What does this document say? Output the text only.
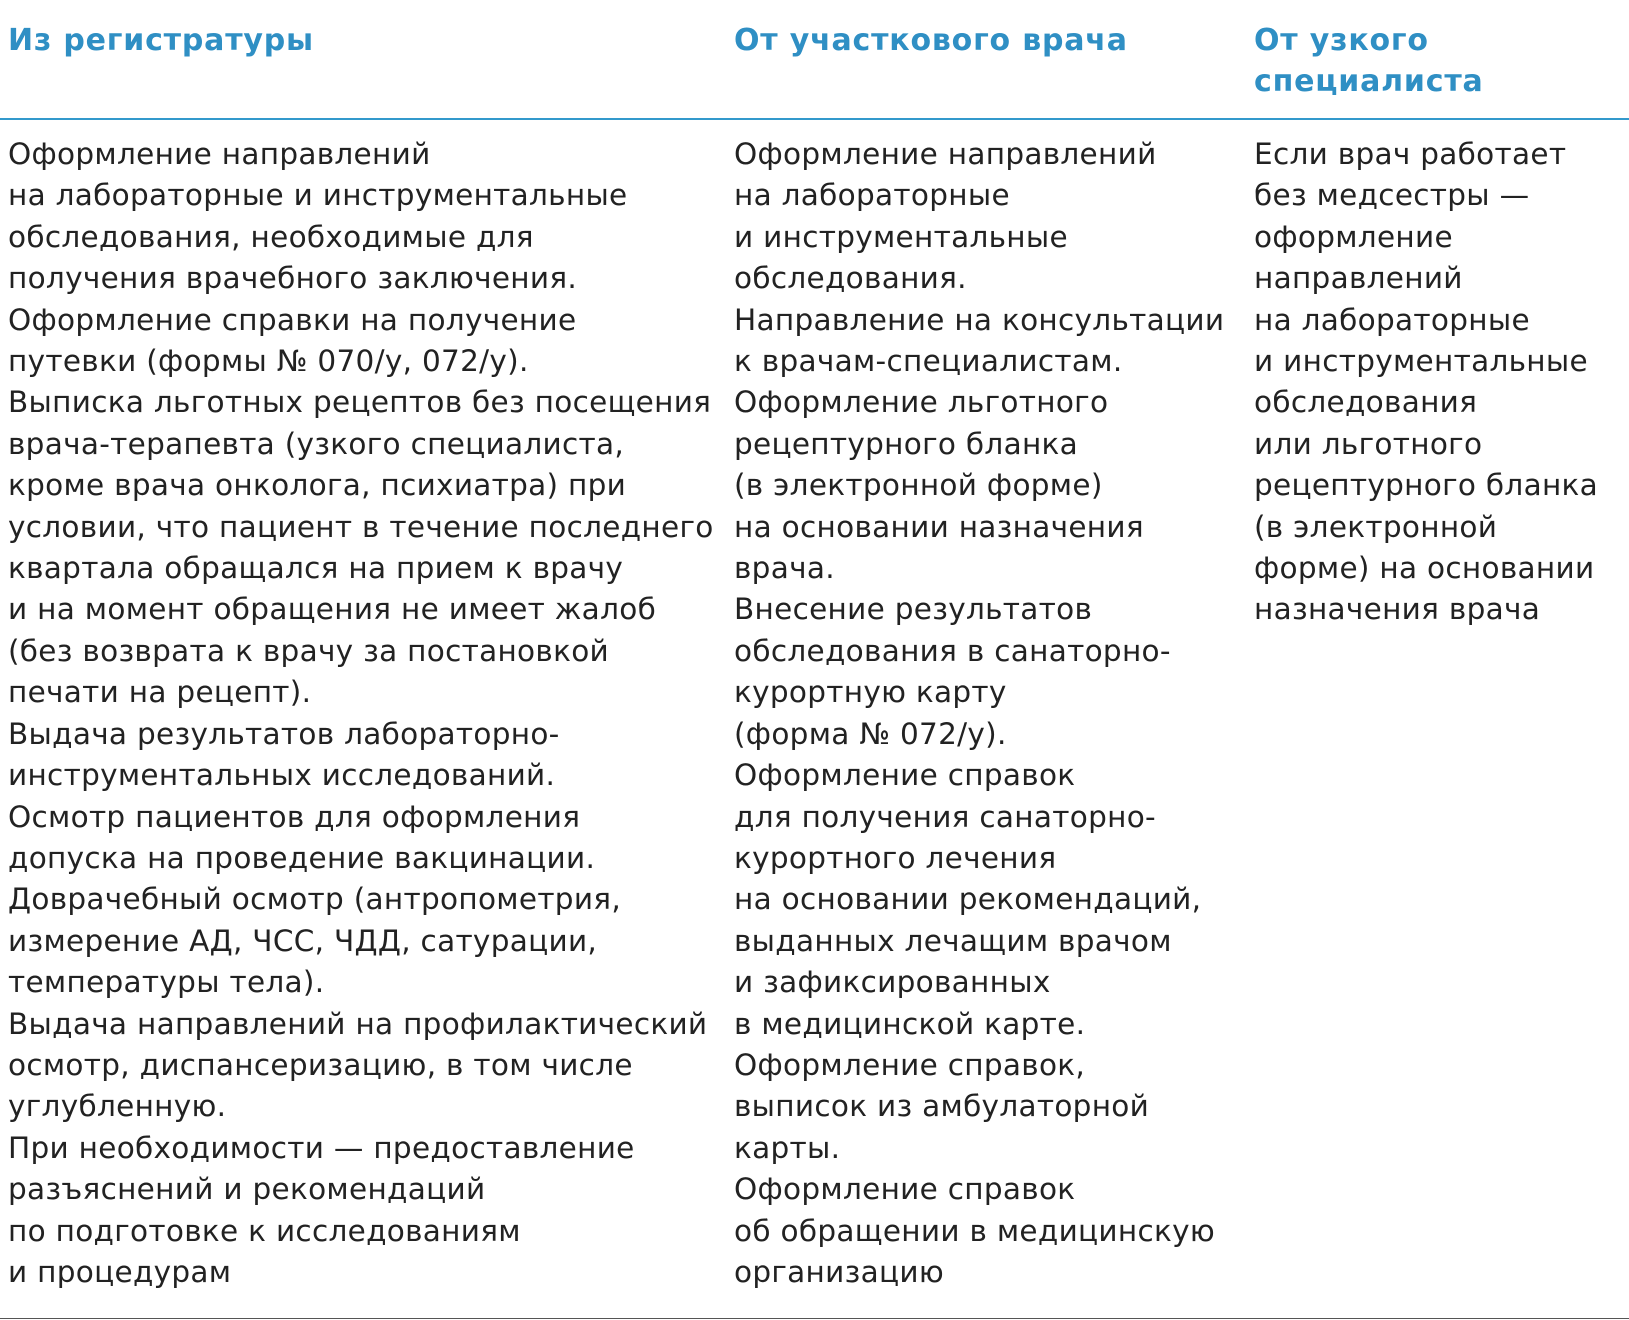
Из регистратуры	От участкового врача	От узкого
специалиста
Оформление направлений
на лабораторные и инструментальные
обследования, необходимые для
получения врачебного заключения.
Оформление справки на получение
путевки (формы № 070/у, 072/у).
Выписка льготных рецептов без посещения
врача-терапевта (узкого специалиста,
кроме врача онколога, психиатра) при
условии, что пациент в течение последнего
квартала обращался на прием к врачу
и на момент обращения не имеет жалоб
(без возврата к врачу за постановкой
печати на рецепт).
Выдача результатов лабораторно-
инструментальных исследований.
Осмотр пациентов для оформления
допуска на проведение вакцинации.
Доврачебный осмотр (антропометрия,
измерение АД, ЧСС, ЧДД, сатурации,
температуры тела).
Выдача направлений на профилактический
осмотр, диспансеризацию, в том числе
углубленную.
При необходимости — предоставление
разъяснений и рекомендаций
по подготовке к исследованиям
и процедурам
Оформление направлений
на лабораторные
и инструментальные
обследования.
Направление на консультации
к врачам-специалистам.
Оформление льготного
рецептурного бланка
(в электронной форме)
на основании назначения
врача.
Внесение результатов
обследования в санаторно-
курортную карту
(форма № 072/у).
Оформление справок
для получения санаторно-
курортного лечения
на основании рекомендаций,
выданных лечащим врачом
и зафиксированных
в медицинской карте.
Оформление справок,
выписок из амбулаторной
карты.
Оформление справок
об обращении в медицинскую
организацию
Если врач работает
без медсестры —
оформление
направлений
на лабораторные
и инструментальные
обследования
или льготного
рецептурного бланка
(в электронной
форме) на основании
назначения врача
